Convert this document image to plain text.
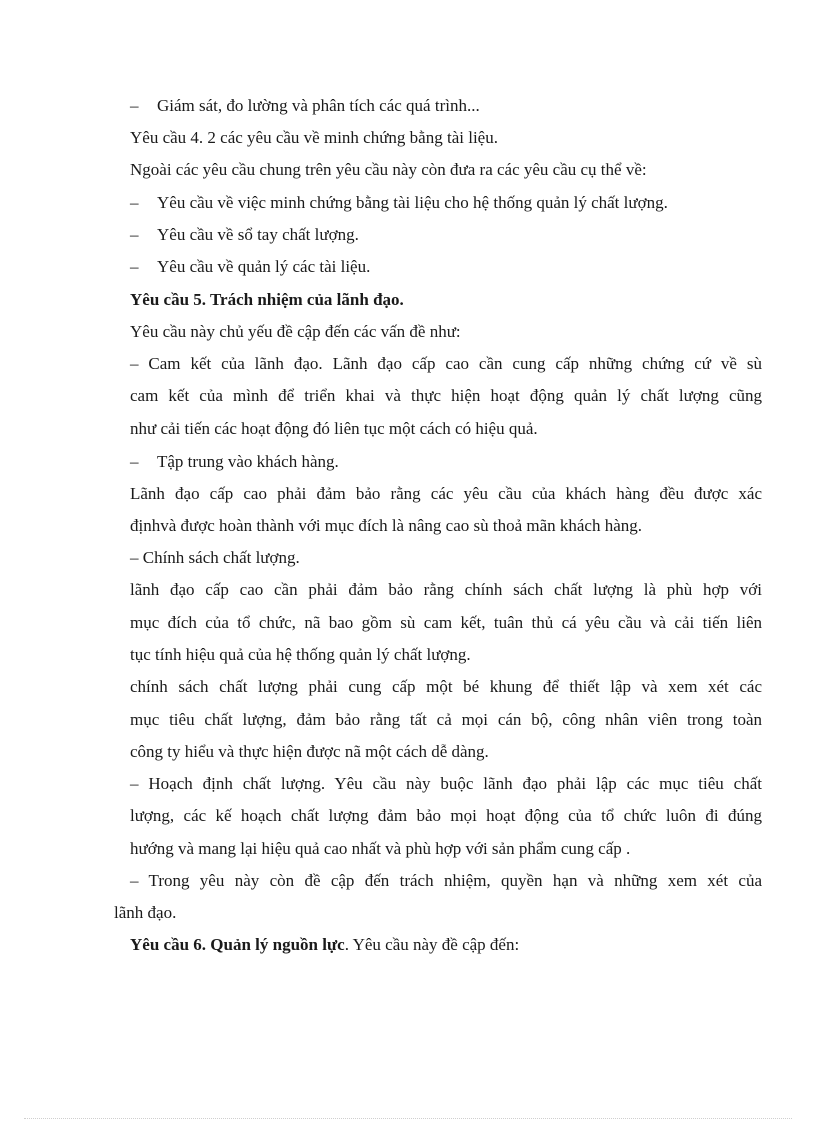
– Giám sát, đo lường và phân tích các quá trình...
Yêu cầu 4. 2 các yêu cầu về minh chứng bằng tài liệu.
Ngoài các yêu cầu chung trên yêu cầu này còn đưa ra các yêu cầu cụ thể về:
– Yêu cầu về việc minh chứng bằng tài liệu cho hệ thống quản lý chất lượng.
– Yêu cầu về sổ tay chất lượng.
– Yêu cầu về quản lý các tài liệu.
Yêu cầu 5. Trách nhiệm của lãnh đạo.
Yêu cầu này chủ yếu đề cập đến các vấn đề như:
– Cam kết của lãnh đạo. Lãnh đạo cấp cao cần cung cấp những chứng cứ về sù
cam kết của mình để triển khai và thực hiện hoạt động quản lý chất lượng cũng
như cải tiến các hoạt động đó liên tục một cách có hiệu quả.
– Tập trung vào khách hàng.
Lãnh đạo cấp cao phải đảm bảo rằng các yêu cầu của khách hàng đều được xác
địnhvà được hoàn thành với mục đích là nâng cao sù thoả mãn khách hàng.
– Chính sách chất lượng.
lãnh đạo cấp cao cần phải đảm bảo rằng chính sách chất lượng là phù hợp với
mục đích của tổ chức, nã bao gồm sù cam kết, tuân thủ cá yêu cầu và cải tiến liên
tục tính hiệu quả của hệ thống quản lý chất lượng.
chính sách chất lượng phải cung cấp một bé khung để thiết lập và xem xét các
mục tiêu chất lượng, đảm bảo rằng tất cả mọi cán bộ, công nhân viên trong toàn
công ty hiểu và thực hiện được nã một cách dễ dàng.
– Hoạch định chất lượng. Yêu cầu này buộc lãnh đạo phải lập các mục tiêu chất
lượng, các kế hoạch chất lượng đảm bảo mọi hoạt động của tổ chức luôn đi đúng
hướng và mang lại hiệu quả cao nhất và phù hợp với sản phẩm cung cấp .
– Trong yêu này còn đề cập đến trách nhiệm, quyền hạn và những xem xét của
lãnh đạo.
Yêu cầu 6. Quản lý nguồn lực. Yêu cầu này đề cập đến:
